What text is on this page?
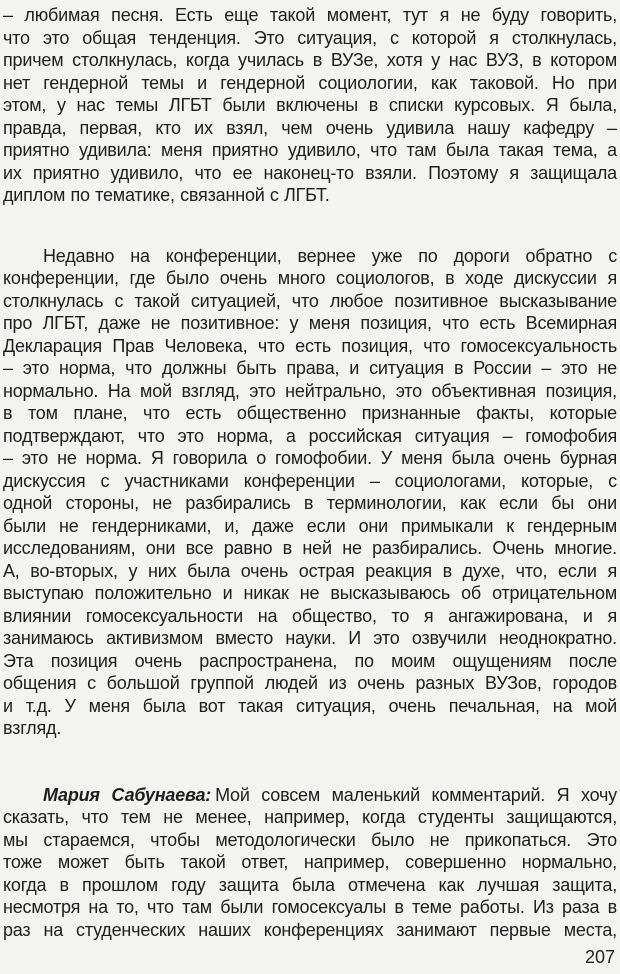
– любимая песня. Есть еще такой момент, тут я не буду говорить,
что это общая тенденция. Это ситуация, с которой я столкнулась,
причем столкнулась, когда училась в ВУЗе, хотя у нас ВУЗ, в котором
нет гендерной темы и гендерной социологии, как таковой. Но при
этом, у нас темы ЛГБТ были включены в списки курсовых. Я была,
правда, первая, кто их взял, чем очень удивила нашу кафедру –
приятно удивила: меня приятно удивило, что там была такая тема, а
их приятно удивило, что ее наконец-то взяли. Поэтому я защищала
диплом по тематике, связанной с ЛГБТ.
Недавно на конференции, вернее уже по дороги обратно с
конференции, где было очень много социологов, в ходе дискуссии я
столкнулась с такой ситуацией, что любое позитивное высказывание
про ЛГБТ, даже не позитивное: у меня позиция, что есть Всемирная
Декларация Прав Человека, что есть позиция, что гомосексуальность
– это норма, что должны быть права, и ситуация в России – это не
нормально. На мой взгляд, это нейтрально, это объективная позиция,
в том плане, что есть общественно признанные факты, которые
подтверждают, что это норма, а российская ситуация – гомофобия
– это не норма. Я говорила о гомофобии. У меня была очень бурная
дискуссия с участниками конференции – социологами, которые, с
одной стороны, не разбирались в терминологии, как если бы они
были не гендерниками, и, даже если они примыкали к гендерным
исследованиям, они все равно в ней не разбирались. Очень многие.
А, во-вторых, у них была очень острая реакция в духе, что, если я
выступаю положительно и никак не высказываюсь об отрицательном
влиянии гомосексуальности на общество, то я ангажирована, и я
занимаюсь активизмом вместо науки. И это озвучили неоднократно.
Эта позиция очень распространена, по моим ощущениям после
общения с большой группой людей из очень разных ВУЗов, городов
и т.д. У меня была вот такая ситуация, очень печальная, на мой
взгляд.
Мария Сабунаева: Мой совсем маленький комментарий. Я хочу
сказать, что тем не менее, например, когда студенты защищаются,
мы стараемся, чтобы методологически было не прикопаться. Это
тоже может быть такой ответ, например, совершенно нормально,
когда в прошлом году защита была отмечена как лучшая защита,
несмотря на то, что там были гомосексуалы в теме работы. Из раза в
раз на студенческих наших конференциях занимают первые места,
207
